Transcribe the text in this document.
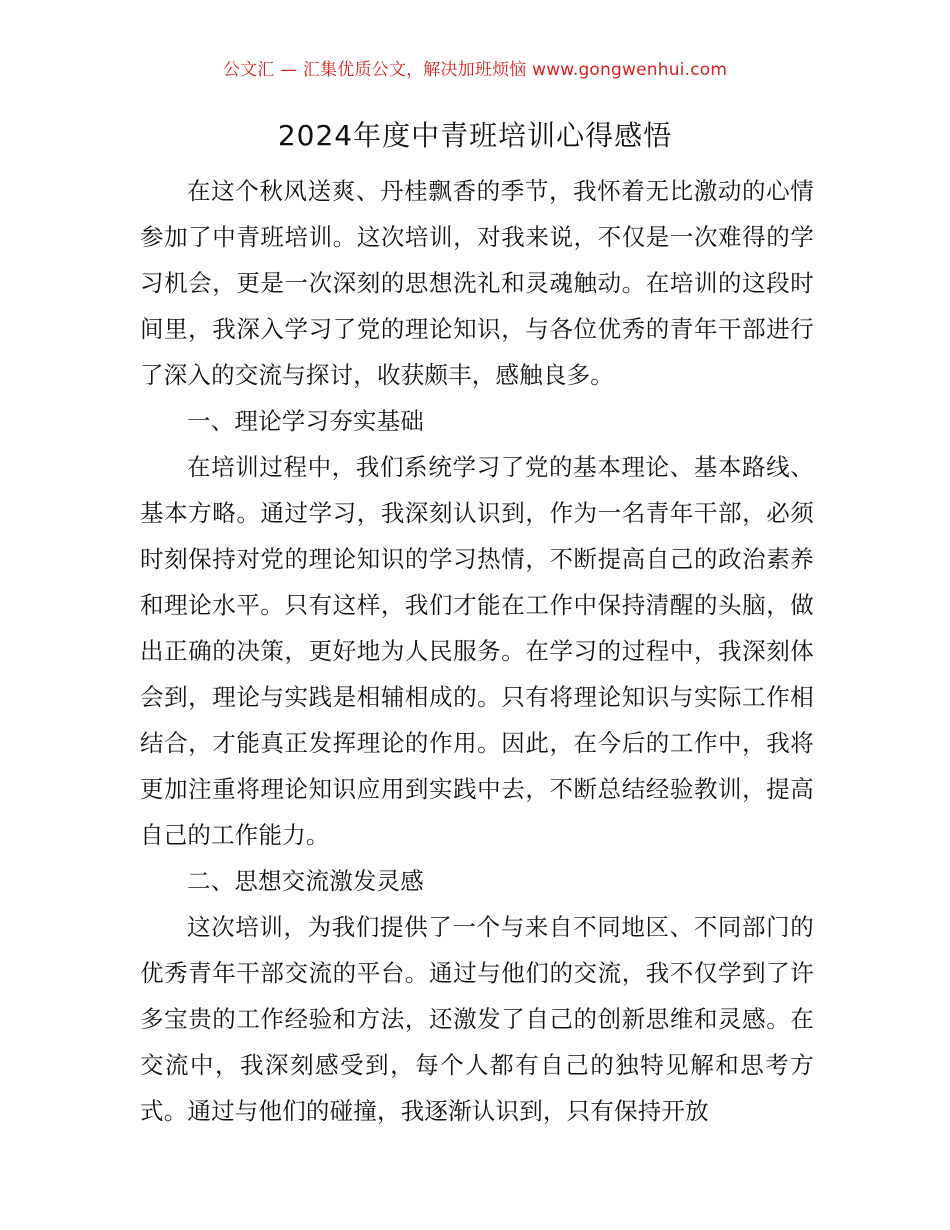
公文汇 — 汇集优质公文，解决加班烦恼 www.gongwenhui.com
2024年度中青班培训心得感悟

在这个秋风送爽、丹桂飘香的季节，我怀着无比激动的心情参加了中青班培训。这次培训，对我来说，不仅是一次难得的学习机会，更是一次深刻的思想洗礼和灵魂触动。在培训的这段时间里，我深入学习了党的理论知识，与各位优秀的青年干部进行了深入的交流与探讨，收获颇丰，感触良多。

一、理论学习夯实基础

在培训过程中，我们系统学习了党的基本理论、基本路线、基本方略。通过学习，我深刻认识到，作为一名青年干部，必须时刻保持对党的理论知识的学习热情，不断提高自己的政治素养和理论水平。只有这样，我们才能在工作中保持清醒的头脑，做出正确的决策，更好地为人民服务。在学习的过程中，我深刻体会到，理论与实践是相辅相成的。只有将理论知识与实际工作相结合，才能真正发挥理论的作用。因此，在今后的工作中，我将更加注重将理论知识应用到实践中去，不断总结经验教训，提高自己的工作能力。

二、思想交流激发灵感

这次培训，为我们提供了一个与来自不同地区、不同部门的优秀青年干部交流的平台。通过与他们的交流，我不仅学到了许多宝贵的工作经验和方法，还激发了自己的创新思维和灵感。在交流中，我深刻感受到，每个人都有自己的独特见解和思考方式。通过与他们的碰撞，我逐渐认识到，只有保持开放
